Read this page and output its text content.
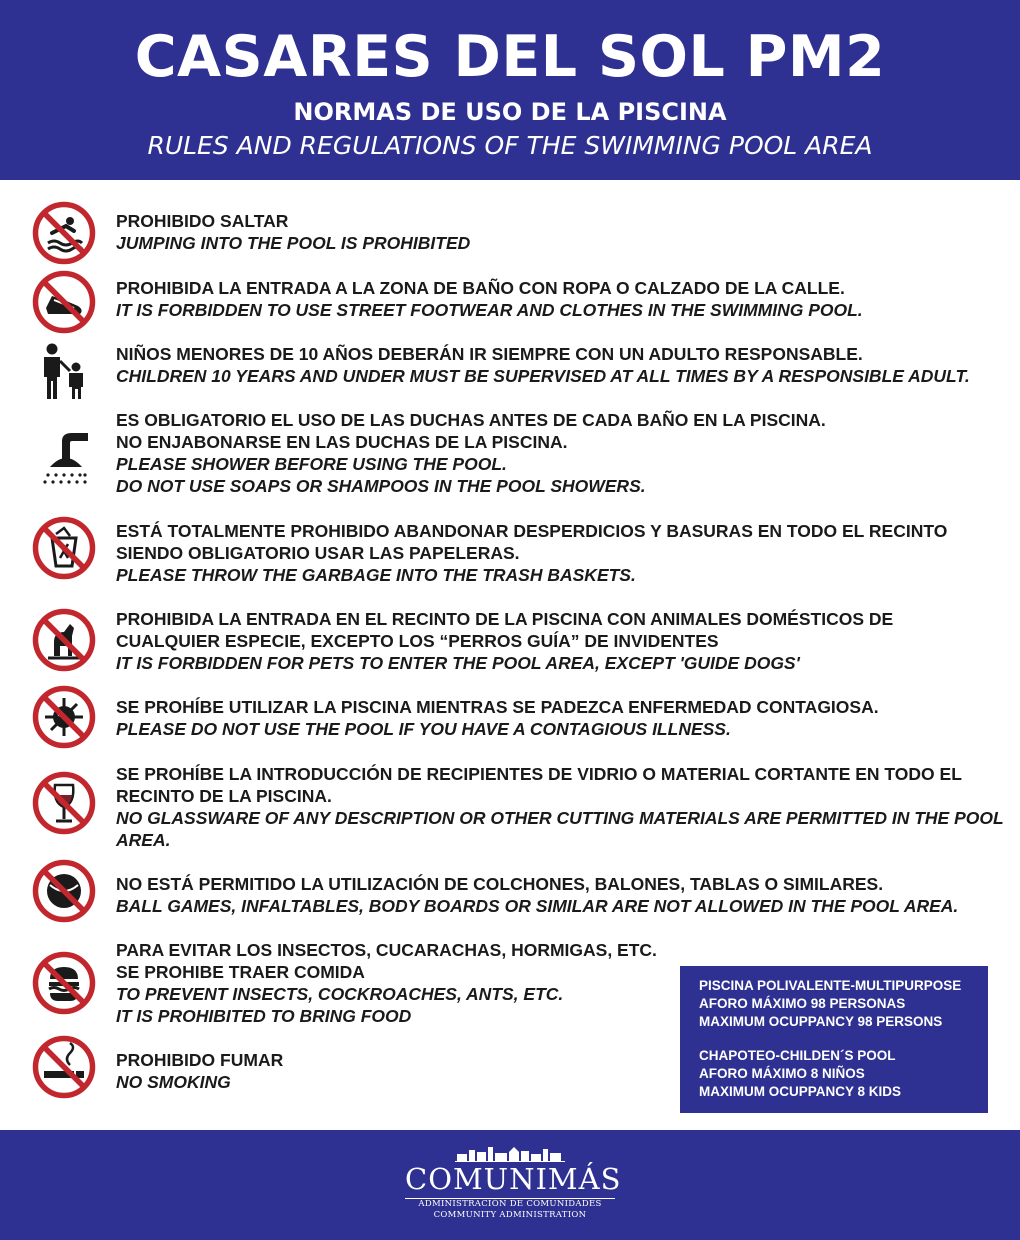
CASARES DEL SOL PM2
NORMAS DE USO DE LA PISCINA
RULES AND REGULATIONS OF THE SWIMMING POOL AREA
PROHIBIDO SALTAR
JUMPING INTO THE POOL IS PROHIBITED
PROHIBIDA LA ENTRADA A LA ZONA DE BAÑO CON ROPA O CALZADO DE LA CALLE.
IT IS FORBIDDEN TO USE STREET FOOTWEAR AND CLOTHES IN THE SWIMMING POOL.
NIÑOS MENORES DE 10 AÑOS DEBERÁN IR SIEMPRE CON UN ADULTO RESPONSABLE.
CHILDREN 10 YEARS AND UNDER MUST BE SUPERVISED AT ALL TIMES BY A RESPONSIBLE ADULT.
ES OBLIGATORIO EL USO DE LAS DUCHAS ANTES DE CADA BAÑO EN LA PISCINA.
NO ENJABONARSE EN LAS DUCHAS DE LA PISCINA.
PLEASE SHOWER BEFORE USING THE POOL.
DO NOT USE SOAPS OR SHAMPOOS IN THE POOL SHOWERS.
ESTÁ TOTALMENTE PROHIBIDO ABANDONAR DESPERDICIOS Y BASURAS EN TODO EL RECINTO
SIENDO OBLIGATORIO USAR LAS PAPELERAS.
PLEASE THROW THE GARBAGE INTO THE TRASH BASKETS.
PROHIBIDA LA ENTRADA EN EL RECINTO DE LA PISCINA CON ANIMALES DOMÉSTICOS DE
CUALQUIER ESPECIE, EXCEPTO LOS “PERROS GUÍA” DE INVIDENTES
IT IS FORBIDDEN FOR PETS TO ENTER THE POOL AREA, EXCEPT 'GUIDE DOGS'
SE PROHÍBE UTILIZAR LA PISCINA MIENTRAS SE PADEZCA ENFERMEDAD CONTAGIOSA.
PLEASE DO NOT USE THE POOL IF YOU HAVE A CONTAGIOUS ILLNESS.
SE PROHÍBE LA INTRODUCCIÓN DE RECIPIENTES DE VIDRIO O MATERIAL CORTANTE EN TODO EL
RECINTO DE LA PISCINA.
NO GLASSWARE OF ANY DESCRIPTION OR OTHER CUTTING MATERIALS ARE PERMITTED IN THE POOL
AREA.
NO ESTÁ PERMITIDO LA UTILIZACIÓN DE COLCHONES, BALONES, TABLAS O SIMILARES.
BALL GAMES, INFALTABLES, BODY BOARDS OR SIMILAR ARE NOT ALLOWED IN THE POOL AREA.
PARA EVITAR LOS INSECTOS, CUCARACHAS, HORMIGAS, ETC.
SE PROHIBE TRAER COMIDA
TO PREVENT INSECTS, COCKROACHES, ANTS, ETC.
IT IS PROHIBITED TO BRING FOOD
PROHIBIDO FUMAR
NO SMOKING
PISCINA POLIVALENTE-MULTIPURPOSE
AFORO MÁXIMO 98 PERSONAS
MAXIMUM OCUPPANCY 98 PERSONS
CHAPOTEO-CHILDEN´S POOL
AFORO MÁXIMO 8 NIÑOS
MAXIMUM OCUPPANCY 8 KIDS
COMUNIMÁS
ADMINISTRACIÓN DE COMUNIDADES
COMMUNITY ADMINISTRATION
